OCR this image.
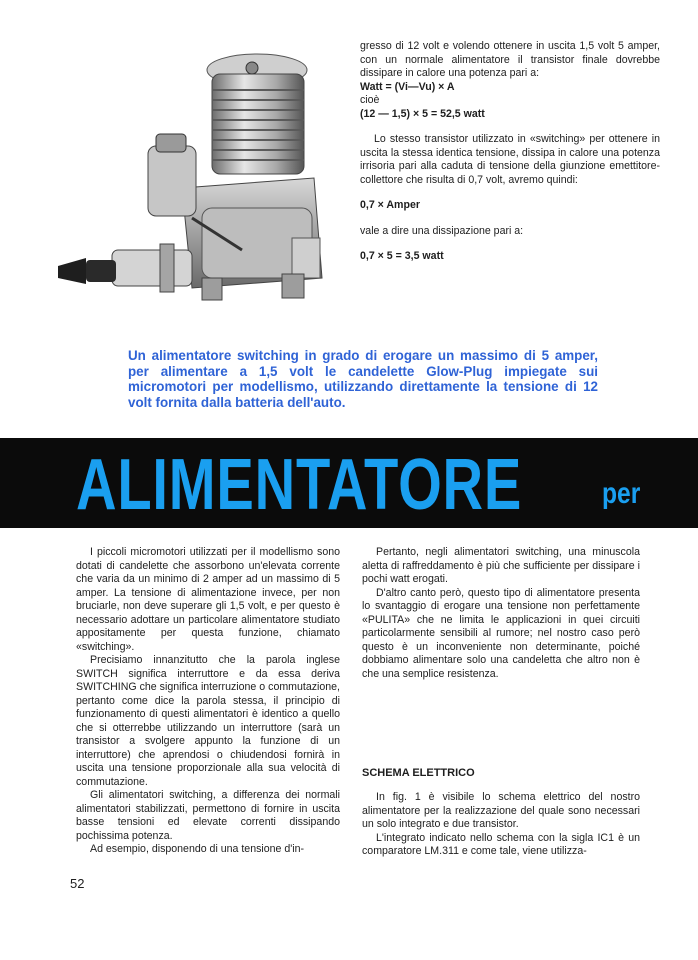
gresso di 12 volt e volendo ottenere in uscita 1,5 volt 5 amper, con un normale alimentatore il transistor finale dovrebbe dissipare in calore una potenza pari a:

Watt = (Vi—Vu) × A

cioè

(12 — 1,5) × 5 = 52,5 watt

Lo stesso transistor utilizzato in «switching» per ottenere in uscita la stessa identica tensione, dissipa in calore una potenza irrisoria pari alla caduta di tensione della giunzione emettitore-collettore che risulta di 0,7 volt, avremo quindi:

0,7 × Amper

vale a dire una dissipazione pari a:

0,7 × 5 = 3,5 watt

Un alimentatore switching in grado di erogare un massimo di 5 amper, per alimentare a 1,5 volt le candelette Glow-Plug impiegate sui micromotori per modellismo, utilizzando direttamente la tensione di 12 volt fornita dalla batteria dell'auto.
ALIMENTATORE	per

I piccoli micromotori utilizzati per il modellismo sono dotati di candelette che assorbono un'elevata corrente che varia da un minimo di 2 amper ad un massimo di 5 amper. La tensione di alimentazione invece, per non bruciarle, non deve superare gli 1,5 volt, e per questo è necessario adottare un particolare alimentatore studiato appositamente per questa funzione, chiamato «switching».

Precisiamo innanzitutto che la parola inglese SWITCH significa interruttore e da essa deriva SWITCHING che significa interruzione o commutazione, pertanto come dice la parola stessa, il principio di funzionamento di questi alimentatori è identico a quello che si otterrebbe utilizzando un interruttore (sarà un transistor a svolgere appunto la funzione di un interruttore) che aprendosi o chiudendosi fornirà in uscita una tensione proporzionale alla sua velocità di commutazione.

Gli alimentatori switching, a differenza dei normali alimentatori stabilizzati, permettono di fornire in uscita basse tensioni ed elevate correnti dissipando pochissima potenza.

Ad esempio, disponendo di una tensione d'in-

Pertanto, negli alimentatori switching, una minuscola aletta di raffreddamento è più che sufficiente per dissipare i pochi watt erogati.

D'altro canto però, questo tipo di alimentatore presenta lo svantaggio di erogare una tensione non perfettamente «PULITA» che ne limita le applicazioni in quei circuiti particolarmente sensibili al rumore; nel nostro caso però questo è un inconveniente non determinante, poiché dobbiamo alimentare solo una candeletta che altro non è che una semplice resistenza.

SCHEMA ELETTRICO

In fig. 1 è visibile lo schema elettrico del nostro alimentatore per la realizzazione del quale sono necessari un solo integrato e due transistor.

L'integrato indicato nello schema con la sigla IC1 è un comparatore LM.311 e come tale, viene utilizza-

52
